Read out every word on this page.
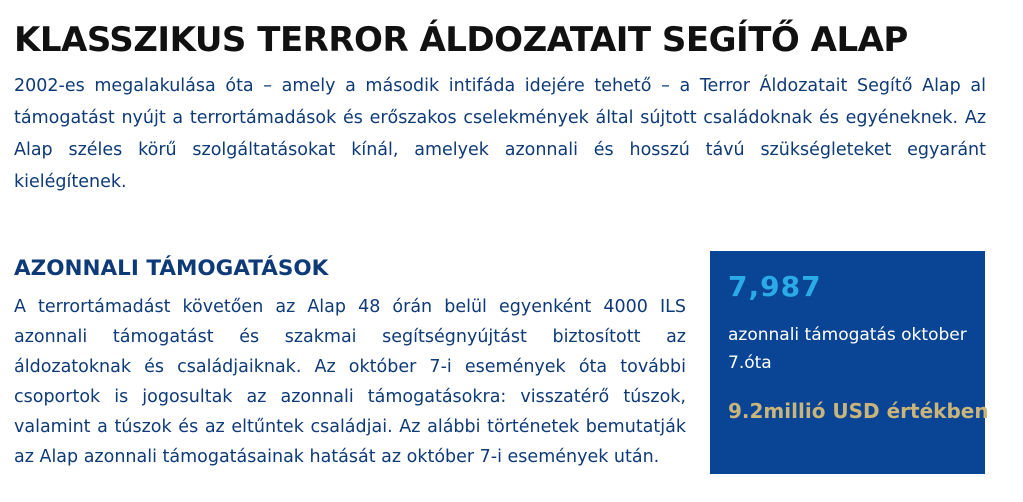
KLASSZIKUS TERROR ÁLDOZATAIT SEGÍTŐ ALAP

2002-es megalakulása óta – amely a második intifáda idejére tehető – a Terror Áldozatait Segítő Alap al támogatást nyújt a terrortámadások és erőszakos cselekmények által sújtott családoknak és egyéneknek. Az Alap széles körű szolgáltatásokat kínál, amelyek azonnali és hosszú távú szükségleteket egyaránt kielégítenek.

AZONNALI TÁMOGATÁSOK

A terrortámadást követően az Alap 48 órán belül egyenként 4000 ILS azonnali támogatást és szakmai segítségnyújtást biztosított az áldozatoknak és családjaiknak. Az október 7-i események óta további csoportok is jogosultak az azonnali támogatásokra: visszatérő túszok, valamint a túszok és az eltűntek családjai. Az alábbi történetek bemutatják az Alap azonnali támogatásainak hatását az október 7-i események után.

7,987
azonnali támogatás oktober 7.óta
9.2millió USD értékben
